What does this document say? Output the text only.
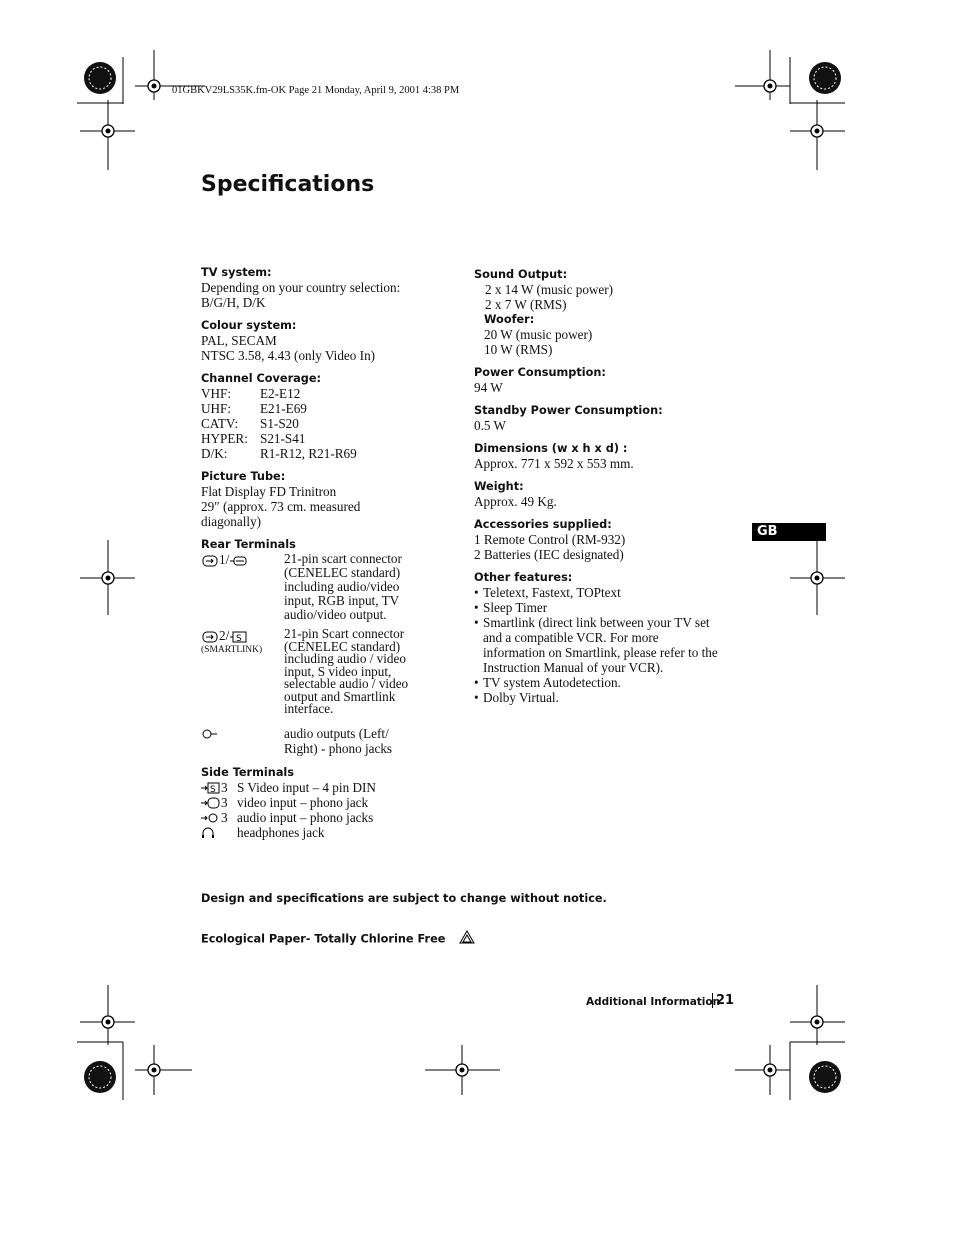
01GBKV29LS35K.fm-OK Page 21 Monday, April 9, 2001 4:38 PM
Specifications
TV system:
Depending on your country selection:
B/G/H, D/K
Colour system:
PAL, SECAM
NTSC 3.58, 4.43 (only Video In)
Channel Coverage:
VHF:	E2-E12
UHF:	E21-E69
CATV:	S1-S20
HYPER: S21-S41
D/K:	R1-R12, R21-R69
Picture Tube:
Flat Display FD Trinitron
29″ (approx. 73 cm. measured
diagonally)
Rear Terminals
1/	21-pin scart connector
(CENELEC standard)
including audio/video
input, RGB input, TV
audio/video output.
2/ S
(SMARTLINK)
21-pin Scart connector
(CENELEC standard)
including audio / video
input, S video input,
selectable audio / video
output and Smartlink
interface.
audio outputs (Left/
Right) - phono jacks
Side Terminals
S 3 S Video input – 4 pin DIN
3 video input – phono jack
3 audio input – phono jacks
headphones jack
Sound Output:
2 x 14 W (music power)
2 x 7 W (RMS)
Woofer:
20 W (music power)
10 W (RMS)
Power Consumption:
94 W
Standby Power Consumption:
0.5 W
Dimensions (w x h x d) :
Approx. 771 x 592 x 553 mm.
Weight:
Approx. 49 Kg.
Accessories supplied:
1 Remote Control (RM-932)
2 Batteries (IEC designated)
Other features:
• Teletext, Fastext, TOPtext
• Sleep Timer
• Smartlink (direct link between your TV set and a compatible VCR. For more information on Smartlink, please refer to the Instruction Manual of your VCR).
• TV system Autodetection.
• Dolby Virtual.
GB
Design and specifications are subject to change without notice.
Ecological Paper- Totally Chlorine Free
Additional Information
21
